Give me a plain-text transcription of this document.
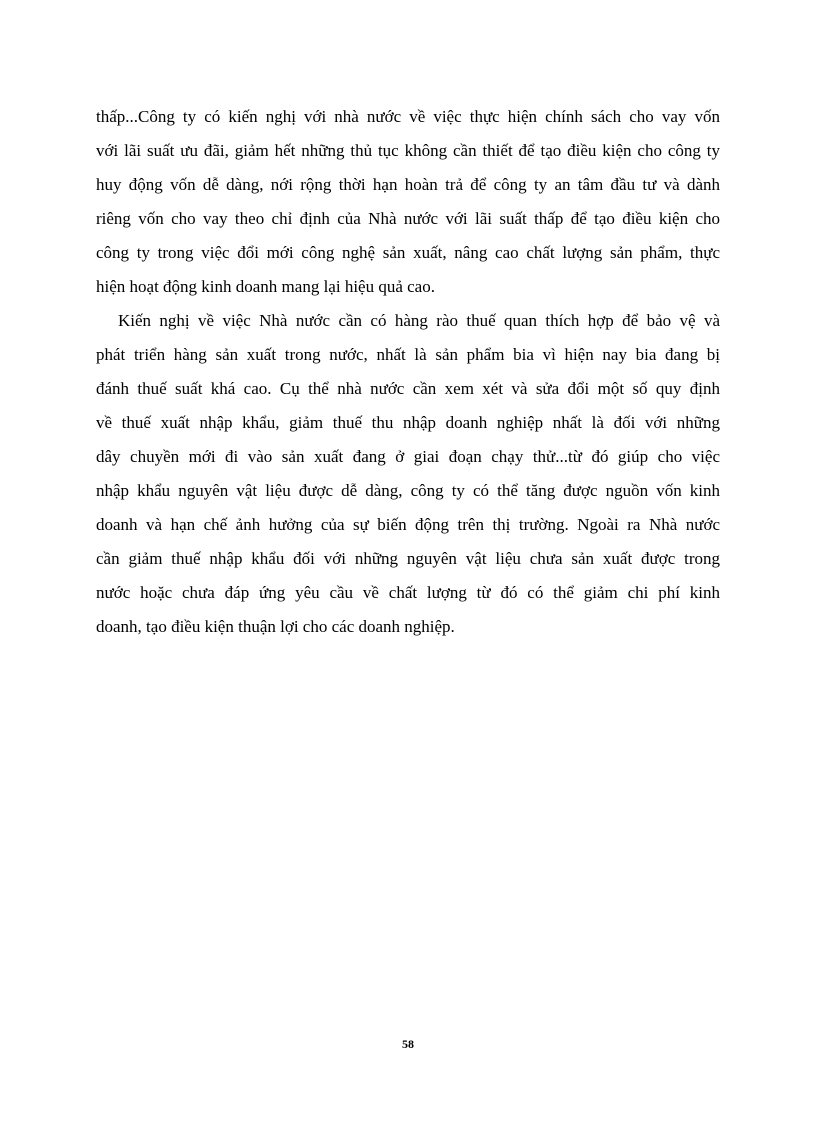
thấp...Công ty có kiến nghị với nhà nước về việc thực hiện chính sách cho vay vốn
với lãi suất ưu đãi, giảm hết những thủ tục không cần thiết để tạo điều kiện cho công ty
huy động vốn dễ dàng, nới rộng thời hạn hoàn trả để công ty an tâm đầu tư và dành
riêng vốn cho vay theo chỉ định của Nhà nước với lãi suất thấp để tạo điều kiện cho
công ty trong việc đổi mới công nghệ sản xuất, nâng cao chất lượng sản phẩm, thực
hiện hoạt động kinh doanh mang lại hiệu quả cao.
Kiến nghị về việc Nhà nước cần có hàng rào thuế quan thích hợp để bảo vệ và
phát triển hàng sản xuất trong nước, nhất là sản phẩm bia vì hiện nay bia đang bị
đánh thuế suất khá cao. Cụ thể nhà nước cần xem xét và sửa đổi một số quy định
về thuế xuất nhập khẩu, giảm thuế thu nhập doanh nghiệp nhất là đối với những
dây chuyền mới đi vào sản xuất đang ở giai đoạn chạy thử...từ đó giúp cho việc
nhập khẩu nguyên vật liệu được dễ dàng, công ty có thể tăng được nguồn vốn kinh
doanh và hạn chế ảnh hưởng của sự biến động trên thị trường. Ngoài ra Nhà nước
cần giảm thuế nhập khẩu đối với những nguyên vật liệu chưa sản xuất được trong
nước hoặc chưa đáp ứng yêu cầu về chất lượng từ đó có thể giảm chi phí kinh
doanh, tạo điều kiện thuận lợi cho các doanh nghiệp.
58
